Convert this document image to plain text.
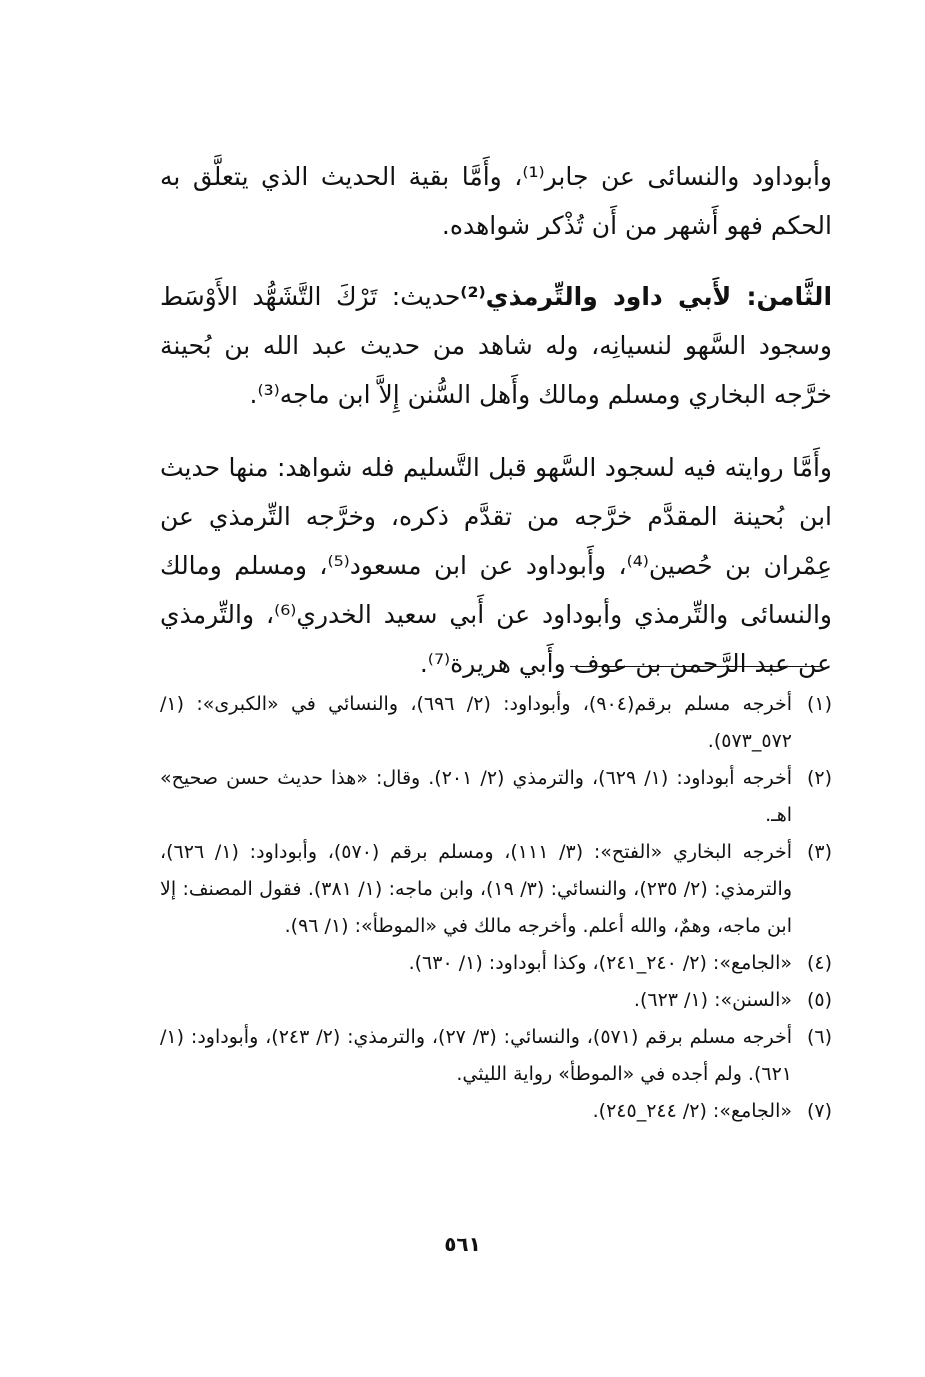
وأبوداود والنسائى عن جابر⁽¹⁾، وأَمَّا بقية الحديث الذي يتعلَّق به الحكم فهو أَشهر من أَن تُذْكر شواهده.

الثَّامن: لأَبي داود والتِّرمذي⁽²⁾حديث: تَرْكَ التَّشَهُّد الأَوْسَط وسجود السَّهو لنسيانِه، وله شاهد من حديث عبد الله بن بُحينة خرَّجه البخاري ومسلم ومالك وأَهل السُّنن إِلاَّ ابن ماجه⁽³⁾.

وأَمَّا روايته فيه لسجود السَّهو قبل التَّسليم فله شواهد: منها حديث ابن بُحينة المقدَّم خرَّجه من تقدَّم ذكره، وخرَّجه التِّرمذي عن عِمْران بن حُصين⁽⁴⁾، وأَبوداود عن ابن مسعود⁽⁵⁾، ومسلم ومالك والنسائى والتِّرمذي وأبوداود عن أَبي سعيد الخدري⁽⁶⁾، والتِّرمذي عن عبد الرَّحمن بن عوف وأَبي هريرة⁽⁷⁾.

(١)
أخرجه مسلم برقم(٩٠٤)، وأبوداود: (٢/ ٦٩٦)، والنسائي في «الكبرى»: (١/ ٥٧٢_٥٧٣).
(٢)
أخرجه أبوداود: (١/ ٦٢٩)، والترمذي (٢/ ٢٠١). وقال: «هذا حديث حسن صحيح» اهـ.
(٣)
أخرجه البخاري «الفتح»: (٣/ ١١١)، ومسلم برقم (٥٧٠)، وأبوداود: (١/ ٦٢٦)، والترمذي: (٢/ ٢٣٥)، والنسائي: (٣/ ١٩)، وابن ماجه: (١/ ٣٨١). فقول المصنف: إلا ابن ماجه، وهمٌ، والله أعلم. وأخرجه مالك في «الموطأ»: (١/ ٩٦).
(٤)
«الجامع»: (٢/ ٢٤٠_٢٤١)، وكذا أبوداود: (١/ ٦٣٠).
(٥)
«السنن»: (١/ ٦٢٣).
(٦)
أخرجه مسلم برقم (٥٧١)، والنسائي: (٣/ ٢٧)، والترمذي: (٢/ ٢٤٣)، وأبوداود: (١/ ٦٢١). ولم أجده في «الموطأ» رواية الليثي.
(٧)
«الجامع»: (٢/ ٢٤٤_٢٤٥).
٥٦١
